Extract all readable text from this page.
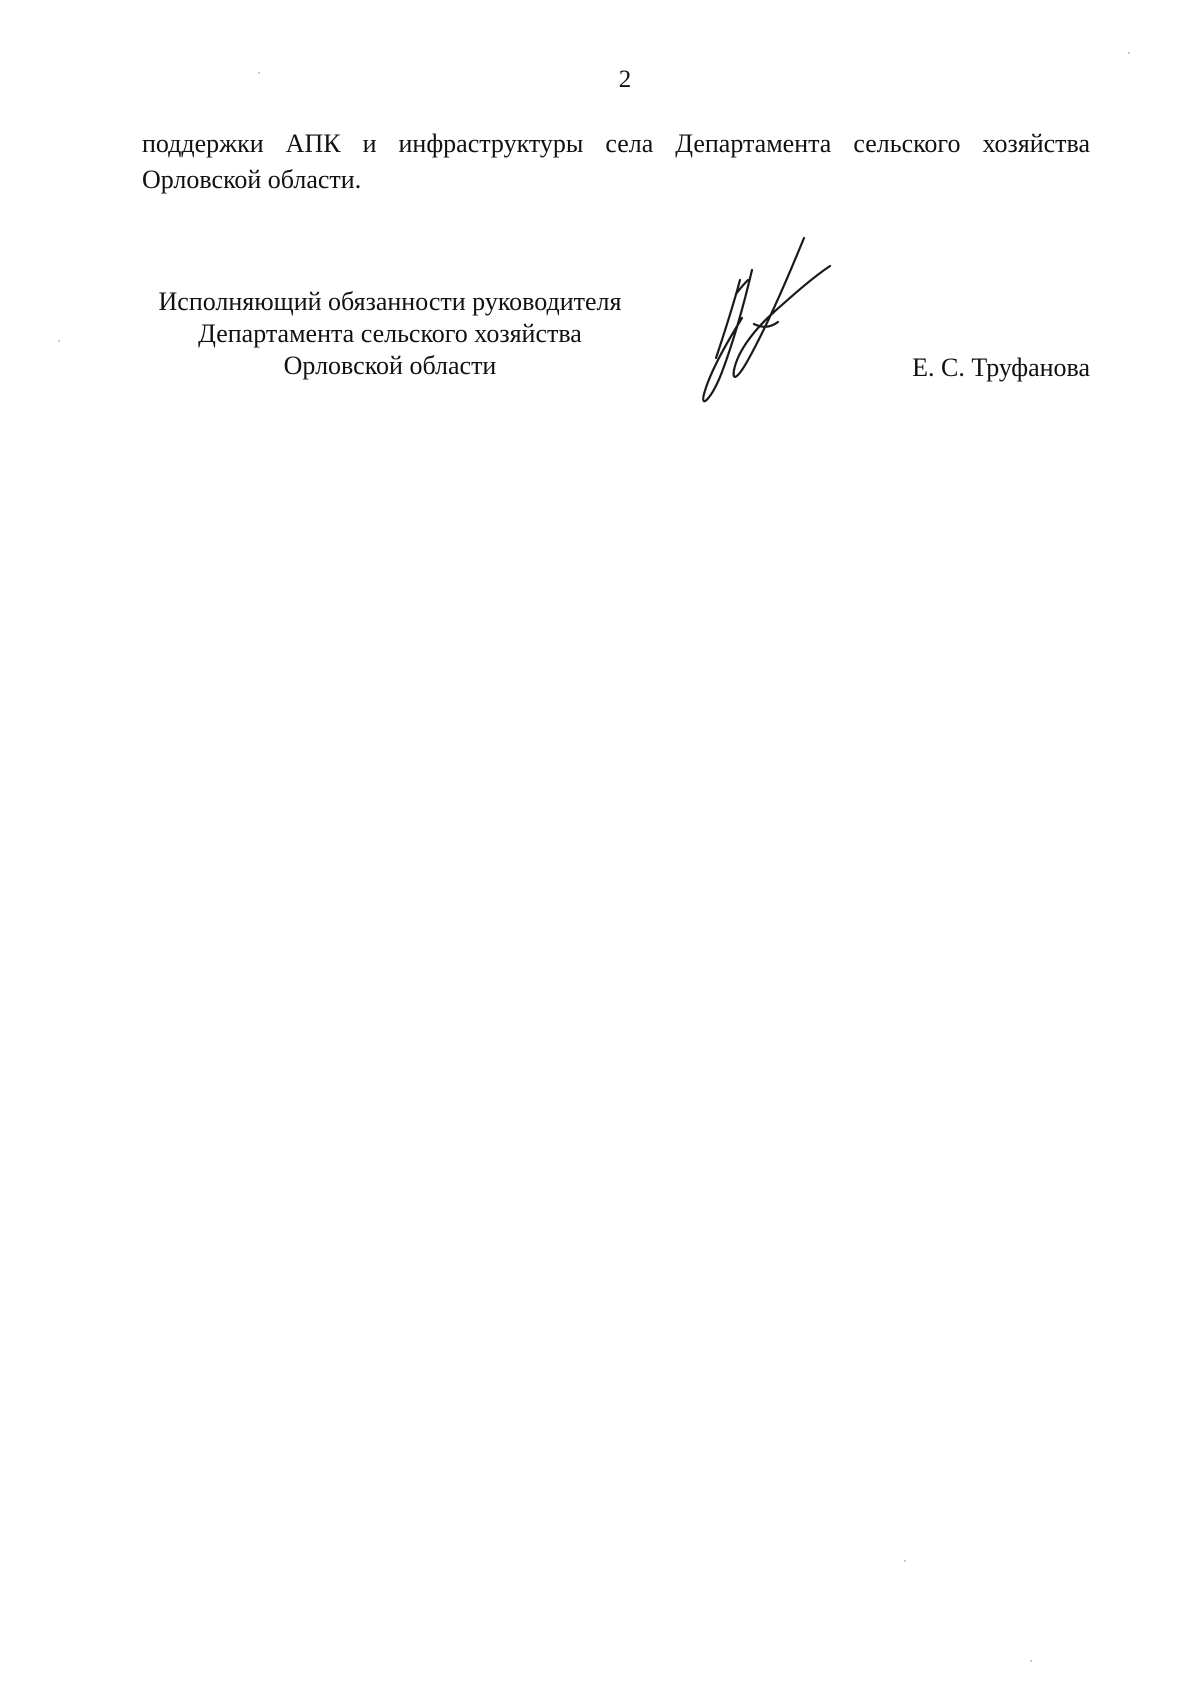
2
поддержки АПК и инфраструктуры села Департамента сельского хозяйства
Орловской области.
Исполняющий обязанности руководителя
Департамента сельского хозяйства
Орловской области	Е. С. Труфанова
